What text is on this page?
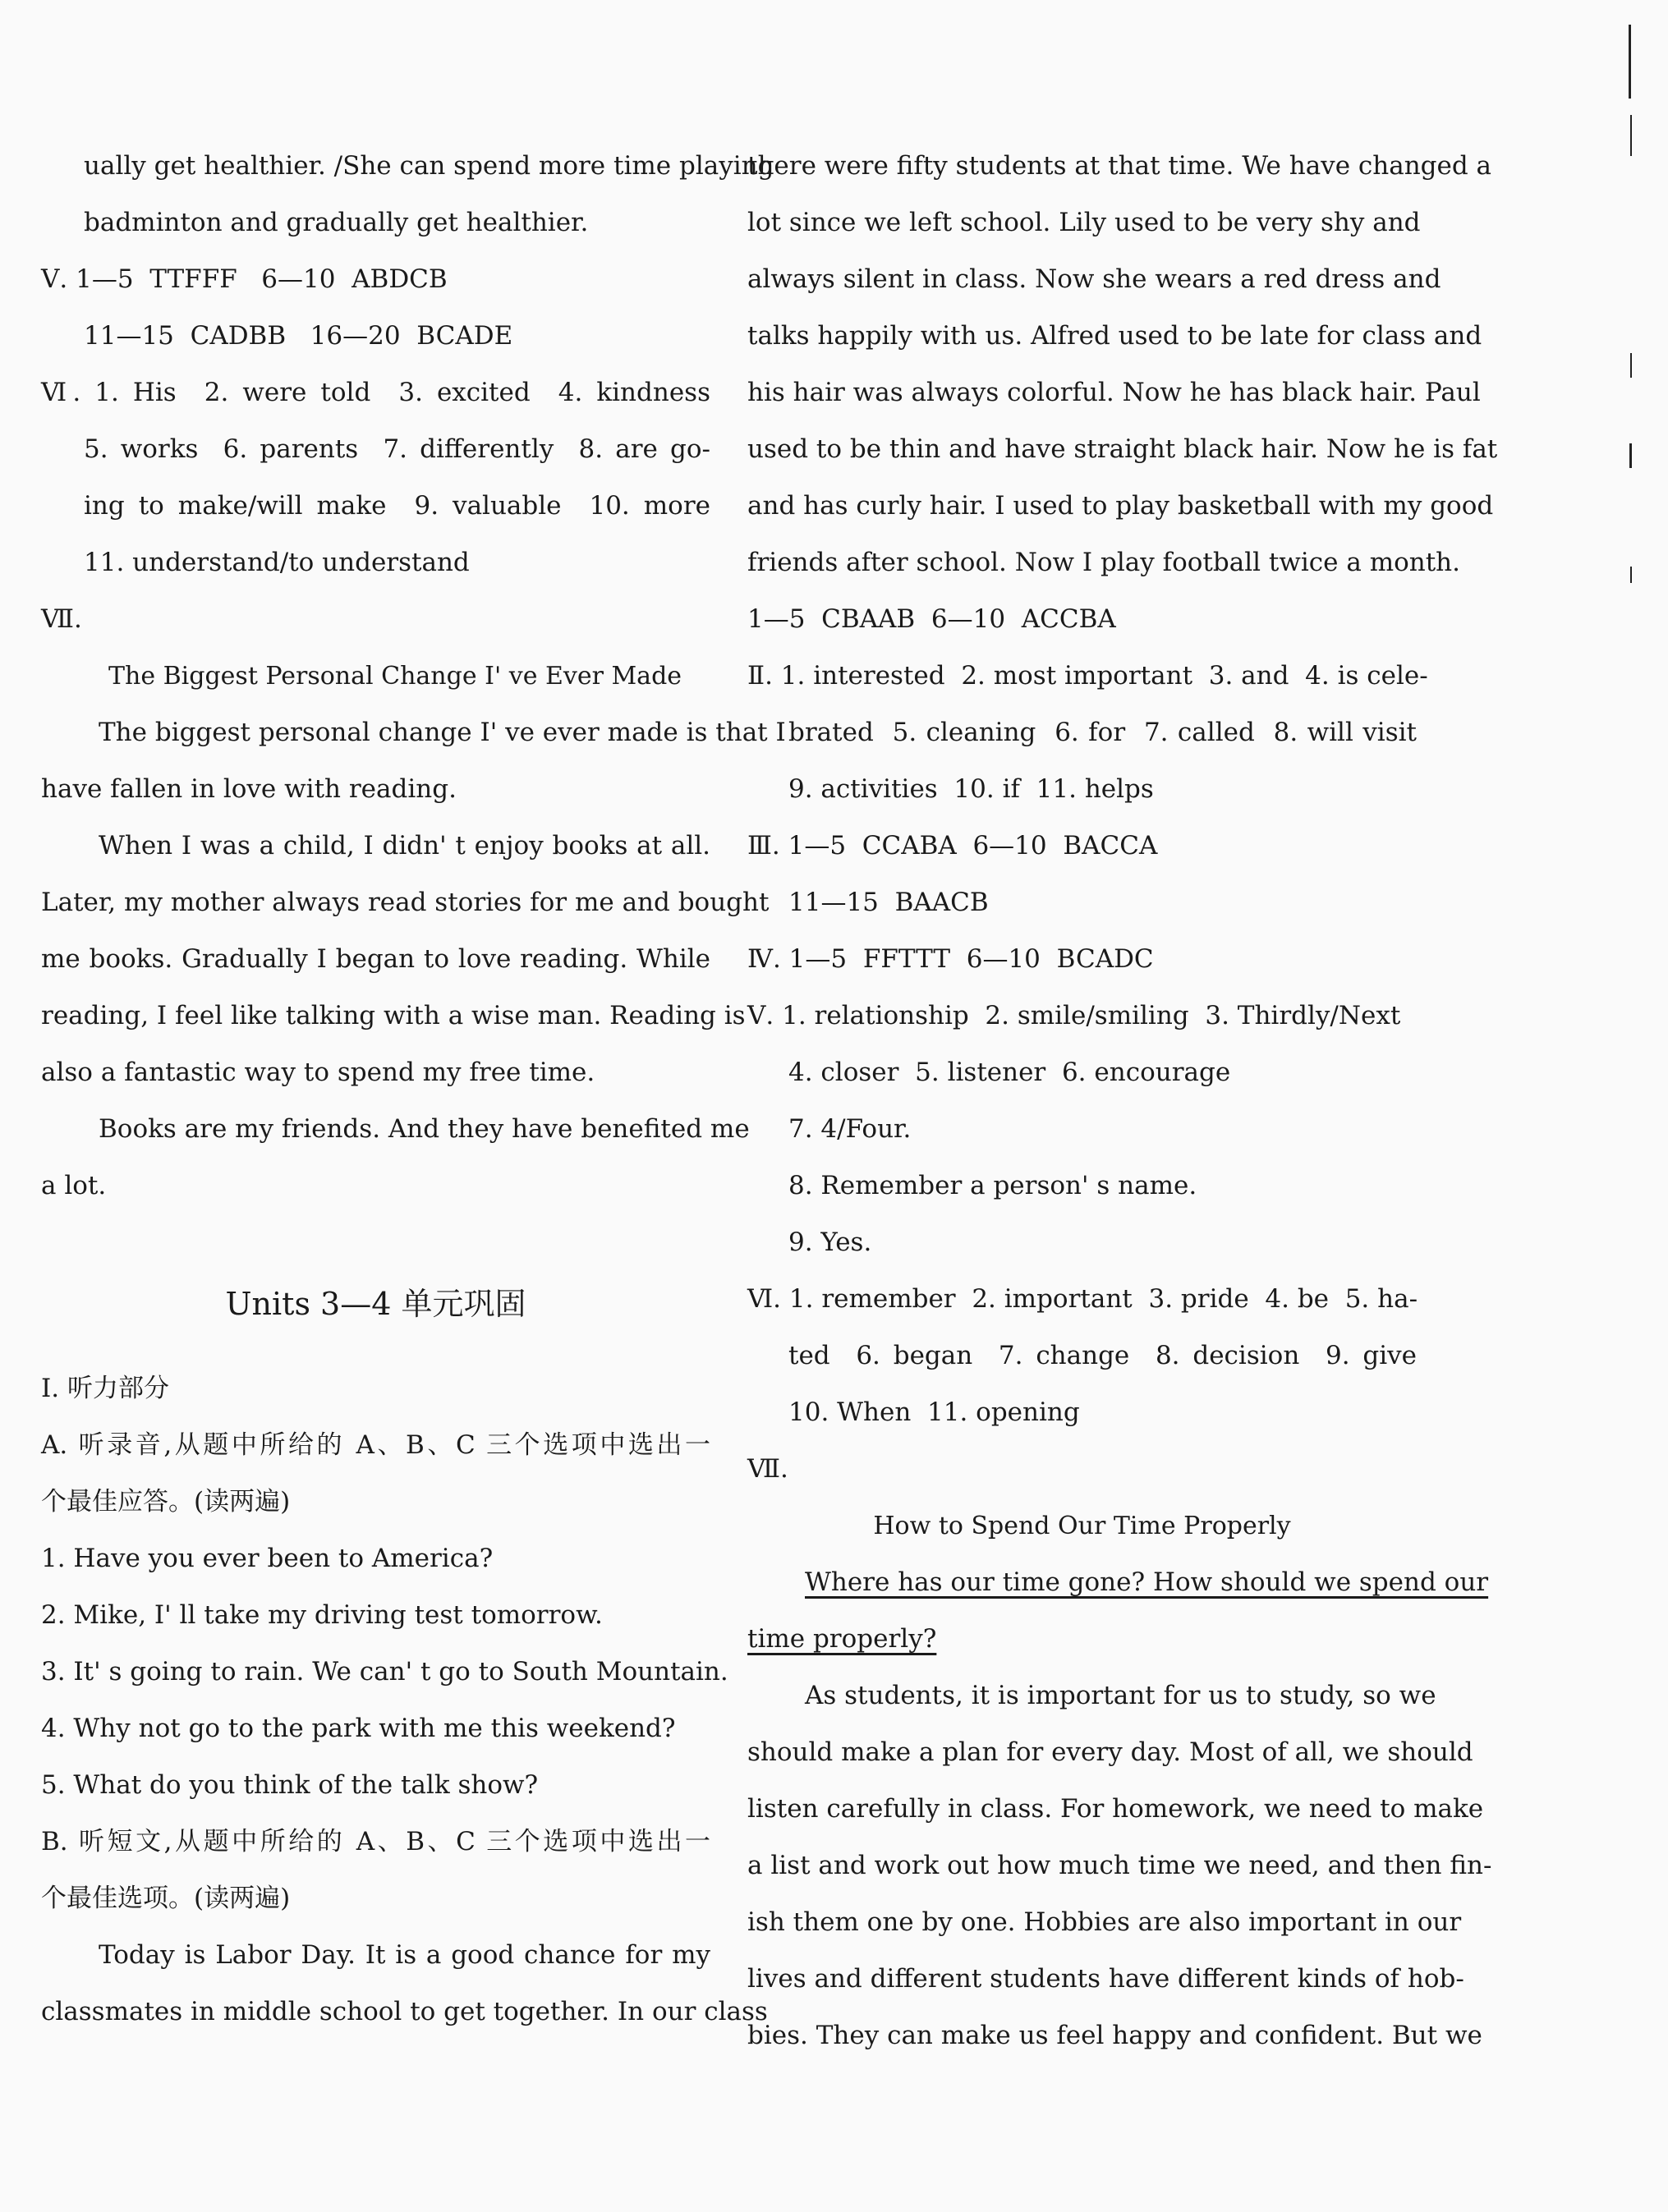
ually get healthier. /She can spend more time playing
badminton and gradually get healthier.
Ⅴ. 1—5  TTFFF   6—10  ABDCB
11—15  CADBB   16—20  BCADE
Ⅵ. 1. His  2. were told  3. excited  4. kindness
5. works  6. parents  7. differently  8. are go-
ing to make/will make  9. valuable  10. more
11. understand/to understand
Ⅶ.
The Biggest Personal Change I' ve Ever Made
The biggest personal change I' ve ever made is that I
have fallen in love with reading.
When I was a child, I didn' t enjoy books at all.
Later, my mother always read stories for me and bought
me books. Gradually I began to love reading. While
reading, I feel like talking with a wise man. Reading is
also a fantastic way to spend my free time.
Books are my friends. And they have benefited me
a lot.
Units 3—4 单元巩固
Ⅰ. 听力部分
A. 听录音,从题中所给的 A、B、C 三个选项中选出一
个最佳应答。(读两遍)
1. Have you ever been to America?
2. Mike, I' ll take my driving test tomorrow.
3. It' s going to rain. We can' t go to South Mountain.
4. Why not go to the park with me this weekend?
5. What do you think of the talk show?
B. 听短文,从题中所给的 A、B、C 三个选项中选出一
个最佳选项。(读两遍)
Today is Labor Day. It is a good chance for my
classmates in middle school to get together. In our class
there were fifty students at that time. We have changed a
lot since we left school. Lily used to be very shy and
always silent in class. Now she wears a red dress and
talks happily with us. Alfred used to be late for class and
his hair was always colorful. Now he has black hair. Paul
used to be thin and have straight black hair. Now he is fat
and has curly hair. I used to play basketball with my good
friends after school. Now I play football twice a month.
1—5  CBAAB  6—10  ACCBA
Ⅱ. 1. interested  2. most important  3. and  4. is cele-
brated  5. cleaning  6. for  7. called  8. will visit
9. activities  10. if  11. helps
Ⅲ. 1—5  CCABA  6—10  BACCA
11—15  BAACB
Ⅳ. 1—5  FFTTT  6—10  BCADC
Ⅴ. 1. relationship  2. smile/smiling  3. Thirdly/Next
4. closer  5. listener  6. encourage
7. 4/Four.
8. Remember a person' s name.
9. Yes.
Ⅵ. 1. remember  2. important  3. pride  4. be  5. ha-
ted  6. began  7. change  8. decision  9. give
10. When  11. opening
Ⅶ.
How to Spend Our Time Properly
Where has our time gone? How should we spend our
time properly?
As students, it is important for us to study, so we
should make a plan for every day. Most of all, we should
listen carefully in class. For homework, we need to make
a list and work out how much time we need, and then fin-
ish them one by one. Hobbies are also important in our
lives and different students have different kinds of hob-
bies. They can make us feel happy and confident. But we
